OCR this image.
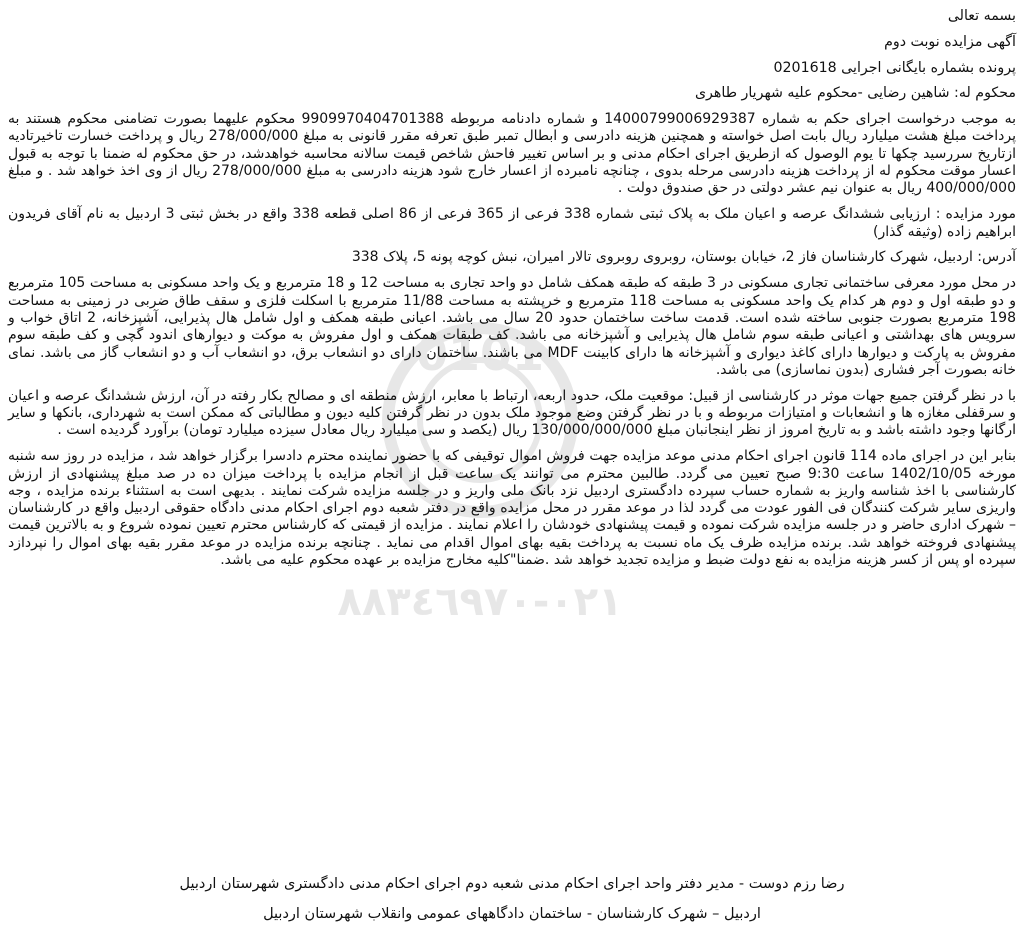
0101
٠٢١-٨٨٣٤٦٩٧٠
بسمه تعالی
آگهی مزایده نوبت دوم
پرونده بشماره بایگانی اجرایی 0201618
محکوم له: شاهین رضایی -محکوم علیه شهریار طاهری

به موجب درخواست اجرای حکم به شماره 14000799006929387 و شماره دادنامه مربوطه 9909970404701388 محکوم علیهما بصورت تضامنی محکوم هستند به پرداخت مبلغ هشت میلیارد ریال بابت اصل خواسته و همچنین هزینه دادرسی و ابطال تمبر طبق تعرفه مقرر قانونی به مبلغ 278/000/000 ریال و پرداخت خسارت تاخیرتادیه ازتاریخ سررسید چکها تا یوم الوصول که ازطریق اجرای احکام مدنی و بر اساس تغییر فاحش شاخص قیمت سالانه محاسبه خواهدشد، در حق محکوم له ضمنا با توجه به قبول اعسار موقت محکوم له از پرداخت هزینه دادرسی مرحله بدوی ، چنانچه نامبرده از اعسار خارج شود هزینه دادرسی به مبلغ 278/000/000 ریال از وی اخذ خواهد شد . و مبلغ 400/000/000 ریال به عنوان نیم عشر دولتی در حق صندوق دولت .

مورد مزایده : ارزیابی ششدانگ عرصه و اعیان ملک به پلاک ثبتی شماره 338 فرعی از 365 فرعی از 86 اصلی قطعه 338 واقع در بخش ثبتی 3 اردبیل به نام آقای فریدون ابراهیم زاده (وثیقه گذار)

آدرس: اردبیل، شهرک کارشناسان فاز 2، خیابان بوستان، روبروی روبروی تالار امیران، نبش کوچه پونه 5، پلاک 338

در محل مورد معرفی ساختمانی تجاری مسکونی در 3 طبقه که طبقه همکف شامل دو واحد تجاری به مساحت 12 و 18 مترمربع و یک واحد مسکونی به مساحت 105 مترمربع و دو طبقه اول و دوم هر کدام یک واحد مسکونی به مساحت 118 مترمربع و خرپشته به مساحت 11/88 مترمربع با اسکلت فلزی و سقف طاق ضربی در زمینی به مساحت 198 مترمربع بصورت جنوبی ساخته شده است. قدمت ساخت ساختمان حدود 20 سال می باشد. اعیانی طبقه همکف و اول شامل هال پذیرایی، آشپزخانه، 2 اتاق خواب و سرویس های بهداشتی و اعیانی طبقه سوم شامل هال پذیرایی و آشپزخانه می باشد. کف طبقات همکف و اول مفروش به موکت و دیوارهای اندود گچی و کف طبقه سوم مفروش به پارکت و دیوارها دارای کاغذ دیواری و آشپزخانه ها دارای کابینت MDF می باشند. ساختمان دارای دو انشعاب برق، دو انشعاب آب و دو انشعاب گاز می باشد. نمای خانه بصورت آجر فشاری (بدون نماسازی) می باشد.

با در نظر گرفتن جمیع جهات موثر در کارشناسی از قبیل: موقعیت ملک، حدود اربعه، ارتباط با معابر، ارزش منطقه ای و مصالح بکار رفته در آن، ارزش ششدانگ عرصه و اعیان و سرقفلی مغازه ها و انشعابات و امتیازات مربوطه و با در نظر گرفتن وضع موجود ملک بدون در نظر گرفتن کلیه دیون و مطالباتی که ممکن است به شهرداری، بانکها و سایر ارگانها وجود داشته باشد و به تاریخ امروز از نظر اینجانبان مبلغ 130/000/000/000 ریال (یکصد و سی میلیارد ریال معادل سیزده میلیارد تومان) برآورد گردیده است .

بنابر این در اجرای ماده 114 قانون اجرای احکام مدنی موعد مزایده جهت فروش اموال توقیفی که با حضور نماینده محترم دادسرا برگزار خواهد شد ، مزایده در روز سه شنبه مورخه 1402/10/05 ساعت 9:30 صبح تعیین می گردد. طالبین محترم می توانند یک ساعت قبل از انجام مزایده با پرداخت میزان ده در صد مبلغ پیشنهادی از ارزش کارشناسی با اخذ شناسه واریز به شماره حساب سپرده دادگستری اردبیل نزد بانک ملی واریز و در جلسه مزایده شرکت نمایند . بدیهی است به استثناء برنده مزایده ، وجه واریزی سایر شرکت کنندگان فی الفور عودت می گردد لذا در موعد مقرر در محل مزایده واقع در دفتر شعبه دوم اجرای احکام مدنی دادگاه حقوقی اردبیل واقع در کارشناسان – شهرک اداری حاضر و در جلسه مزایده شرکت نموده و قیمت پیشنهادی خودشان را اعلام نمایند . مزایده از قیمتی که کارشناس محترم تعیین نموده شروع و به بالاترین قیمت پیشنهادی فروخته خواهد شد. برنده مزایده ظرف یک ماه نسبت به پرداخت بقیه بهای اموال اقدام می نماید . چنانچه برنده مزایده در موعد مقرر بقیه بهای اموال را نپردازد سپرده او پس از کسر هزینه مزایده به نفع دولت ضبط و مزایده تجدید خواهد شد .ضمنا"کلیه مخارج مزایده بر عهده محکوم علیه می باشد.

رضا رزم دوست - مدیر دفتر واحد اجرای احکام مدنی شعبه دوم اجرای احکام مدنی دادگستری شهرستان اردبیل
اردبیل – شهرک کارشناسان - ساختمان دادگاههای عمومی وانقلاب شهرستان اردبیل
